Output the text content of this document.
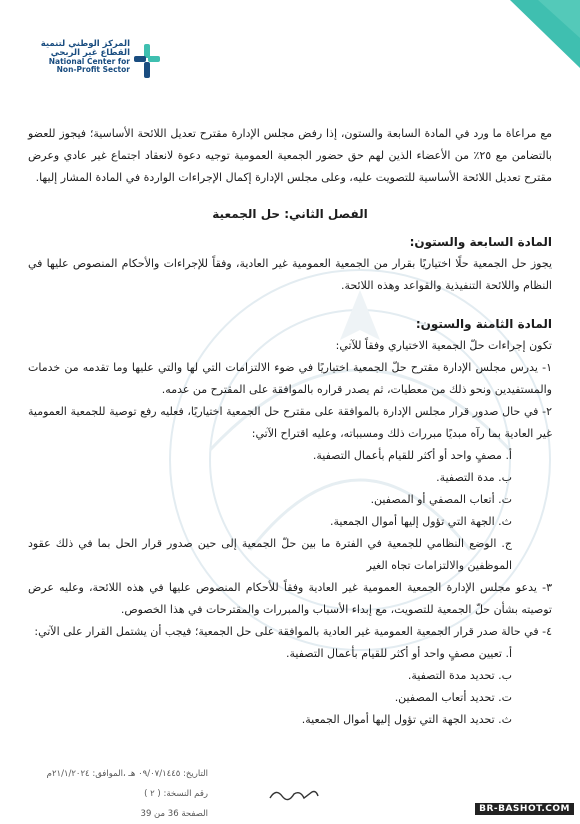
المركز الوطني لتنمية
القطاع غير الربحي
National Center for
Non-Profit Sector

مع مراعاة ما ورد في المادة السابعة والستون، إذا رفض مجلس الإدارة مقترح تعديل اللائحة الأساسية؛ فيجوز للعضو بالتضامن مع ٢٥٪ من الأعضاء الذين لهم حق حضور الجمعية العمومية توجيه دعوة لانعقاد اجتماع غير عادي وعرض مقترح تعديل اللائحة الأساسية للتصويت عليه، وعلى مجلس الإدارة إكمال الإجراءات الواردة في المادة المشار إليها.

الفصل الثاني: حل الجمعية

المادة السابعة والستون:

يجوز حل الجمعية حلًا اختياريًا بقرار من الجمعية العمومية غير العادية، وفقاً للإجراءات والأحكام المنصوص عليها في النظام واللائحة التنفيذية والقواعد وهذه اللائحة.

المادة الثامنة والستون:

تكون إجراءات حلّ الجمعية الاختياري وفقاً للآتي:

١- يدرس مجلس الإدارة مقترح حلّ الجمعية اختياريًا في ضوء الالتزامات التي لها والتي عليها وما تقدمه من خدمات والمستفيدين ونحو ذلك من معطيات، ثم يصدر قراره بالموافقة على المقترح من عدمه.

٢- في حال صدور قرار مجلس الإدارة بالموافقة على مقترح حل الجمعية اختياريًا، فعليه رفع توصية للجمعية العمومية غير العادية بما رآه مبديًا مبررات ذلك ومسبباته، وعليه اقتراح الآتي:

أ. مصفٍ واحد أو أكثر للقيام بأعمال التصفية.

ب. مدة التصفية.

ت. أتعاب المصفي أو المصفين.

ث. الجهة التي تؤول إليها أموال الجمعية.

ج. الوضع النظامي للجمعية في الفترة ما بين حلّ الجمعية إلى حين صدور قرار الحل بما في ذلك عقود الموظفين والالتزامات تجاه الغير

٣- يدعو مجلس الإدارة الجمعية العمومية غير العادية وفقاً للأحكام المنصوص عليها في هذه اللائحة، وعليه عرض توصيته بشأن حلّ الجمعية للتصويت، مع إبداء الأسباب والمبررات والمقترحات في هذا الخصوص.

٤- في حالة صدر قرار الجمعية العمومية غير العادية بالموافقة على حل الجمعية؛ فيجب أن يشتمل القرار على الآتي:

أ. تعيين مصفٍ واحد أو أكثر للقيام بأعمال التصفية.

ب. تحديد مدة التصفية.

ت. تحديد أتعاب المصفين.

ث. تحديد الجهة التي تؤول إليها أموال الجمعية.

التاريخ: ٠٩/٠٧/١٤٤٥ هـ ،الموافق: ٢١/١/٢٠٢٤م

رقم النسخة: ( ٢ )

الصفحة 36 من 39	BR-BASHOT.COM
